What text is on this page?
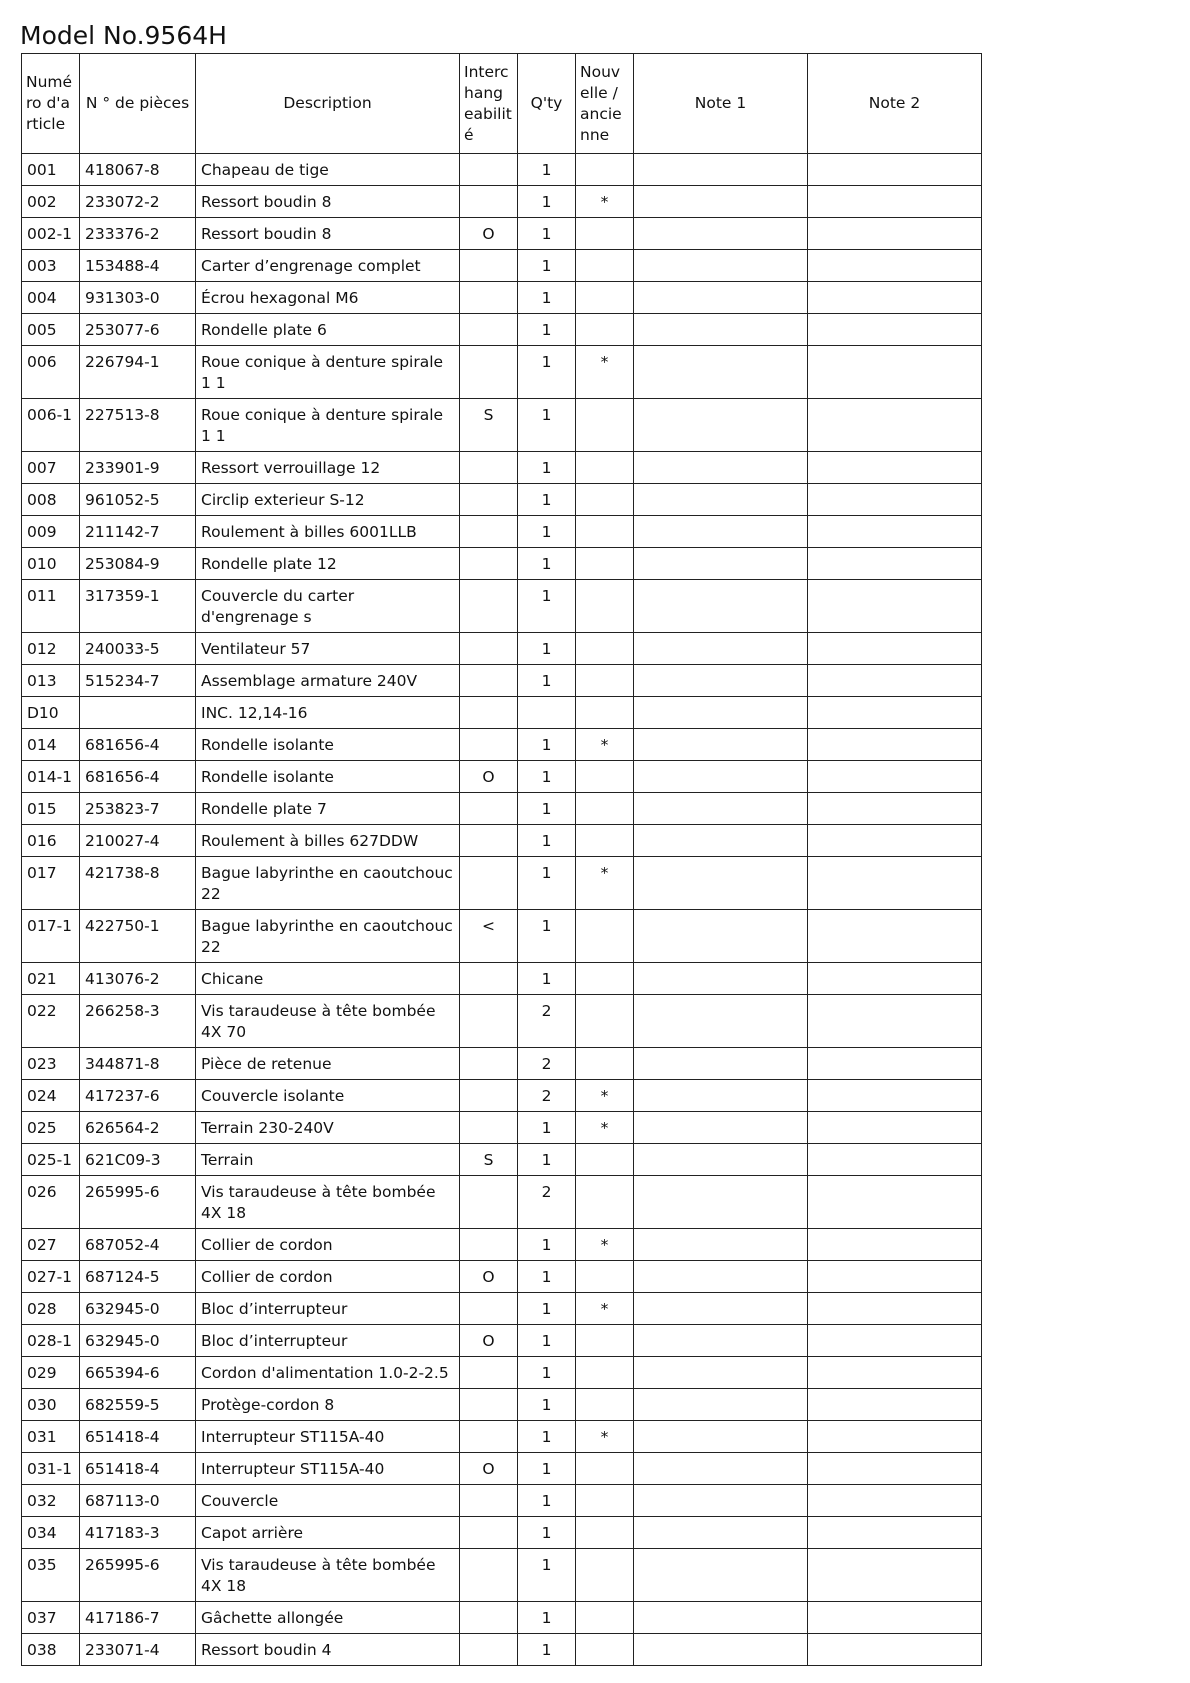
Model No.9564H
Numé ro d'a rticle	N ° de pièces	Description	Interc hang eabilit é	Q'ty	Nouv elle / ancie nne	Note 1	Note 2
001	418067-8	Chapeau de tige		1			
002	233072-2	Ressort boudin 8		1	*		
002-1	233376-2	Ressort boudin 8	O	1			
003	153488-4	Carter d’engrenage complet		1			
004	931303-0	Écrou hexagonal M6		1			
005	253077-6	Rondelle plate 6		1			
006	226794-1	Roue conique à denture spirale 1 1		1	*		
006-1	227513-8	Roue conique à denture spirale 1 1	S	1			
007	233901-9	Ressort verrouillage 12		1			
008	961052-5	Circlip exterieur S-12		1			
009	211142-7	Roulement à billes 6001LLB		1			
010	253084-9	Rondelle plate 12		1			
011	317359-1	Couvercle du carter d'engrenage s		1			
012	240033-5	Ventilateur 57		1			
013	515234-7	Assemblage armature 240V		1			
D10		INC. 12,14-16					
014	681656-4	Rondelle isolante		1	*		
014-1	681656-4	Rondelle isolante	O	1			
015	253823-7	Rondelle plate 7		1			
016	210027-4	Roulement à billes 627DDW		1			
017	421738-8	Bague labyrinthe en caoutchouc 22		1	*		
017-1	422750-1	Bague labyrinthe en caoutchouc 22	<	1			
021	413076-2	Chicane		1			
022	266258-3	Vis taraudeuse à tête bombée 4X 70		2			
023	344871-8	Pièce de retenue		2			
024	417237-6	Couvercle isolante		2	*		
025	626564-2	Terrain 230-240V		1	*		
025-1	621C09-3	Terrain	S	1			
026	265995-6	Vis taraudeuse à tête bombée 4X 18		2			
027	687052-4	Collier de cordon		1	*		
027-1	687124-5	Collier de cordon	O	1			
028	632945-0	Bloc d’interrupteur		1	*		
028-1	632945-0	Bloc d’interrupteur	O	1			
029	665394-6	Cordon d'alimentation 1.0-2-2.5		1			
030	682559-5	Protège-cordon 8		1			
031	651418-4	Interrupteur ST115A-40		1	*		
031-1	651418-4	Interrupteur ST115A-40	O	1			
032	687113-0	Couvercle		1			
034	417183-3	Capot arrière		1			
035	265995-6	Vis taraudeuse à tête bombée 4X 18		1			
037	417186-7	Gâchette allongée		1			
038	233071-4	Ressort boudin 4		1			
